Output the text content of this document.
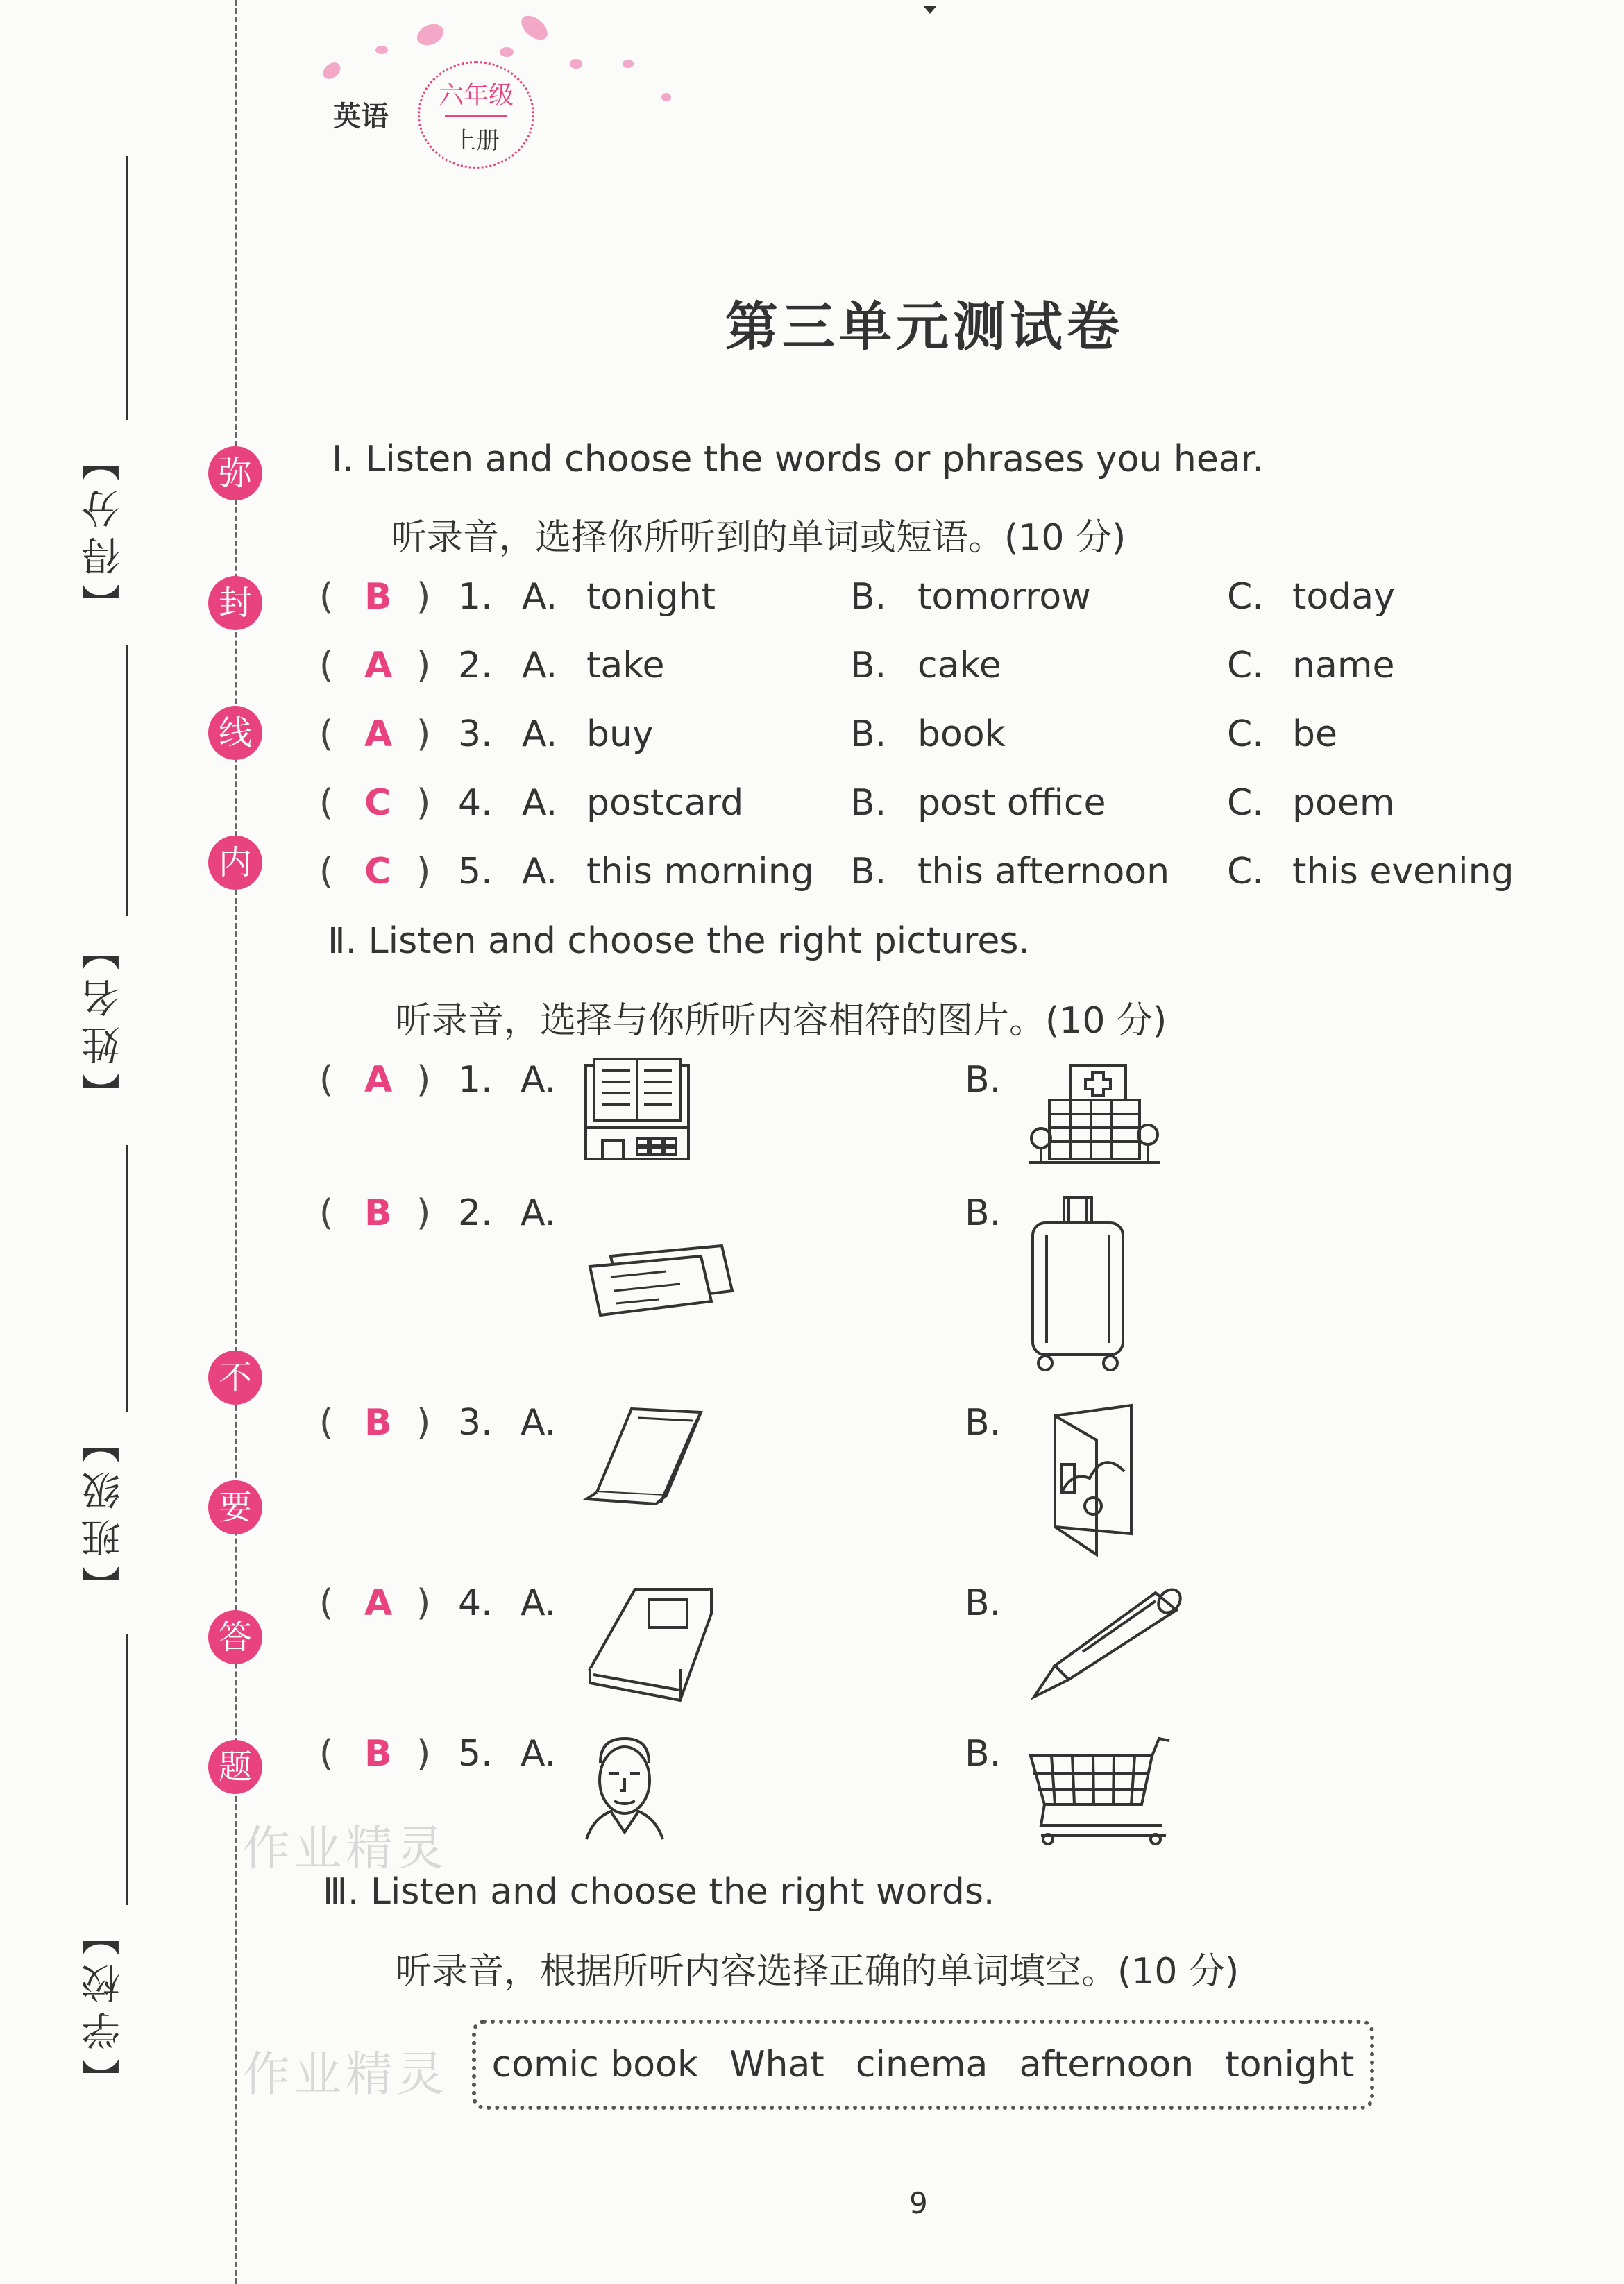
弥
封
线
内
不
要
答
题
【得分】
【姓名】
【班级】
【学校】
英语
六年级
上册
第三单元测试卷
Ⅰ. Listen and choose the words or phrases you hear.
听录音，选择你所听到的单词或短语。(10 分)
( B ) 1. A. tonight	B. tomorrow	C. today
( A ) 2. A. take	B. cake	C. name
( A ) 3. A. buy	B. book	C. be
( C ) 4. A. postcard	B. post office	C. poem
( C ) 5. A. this morning B. this afternoon C. this evening
Ⅱ. Listen and choose the right pictures.
听录音，选择与你所听内容相符的图片。(10 分)
( A ) 1. A.	B.
( B ) 2. A.	B.
( B ) 3. A.	B.
( A ) 4. A.	B.
( B ) 5. A.	B.
作业精灵
作业精灵
Ⅲ. Listen and choose the right words.
听录音，根据所听内容选择正确的单词填空。(10 分)
comic book What cinema afternoon tonight
9
